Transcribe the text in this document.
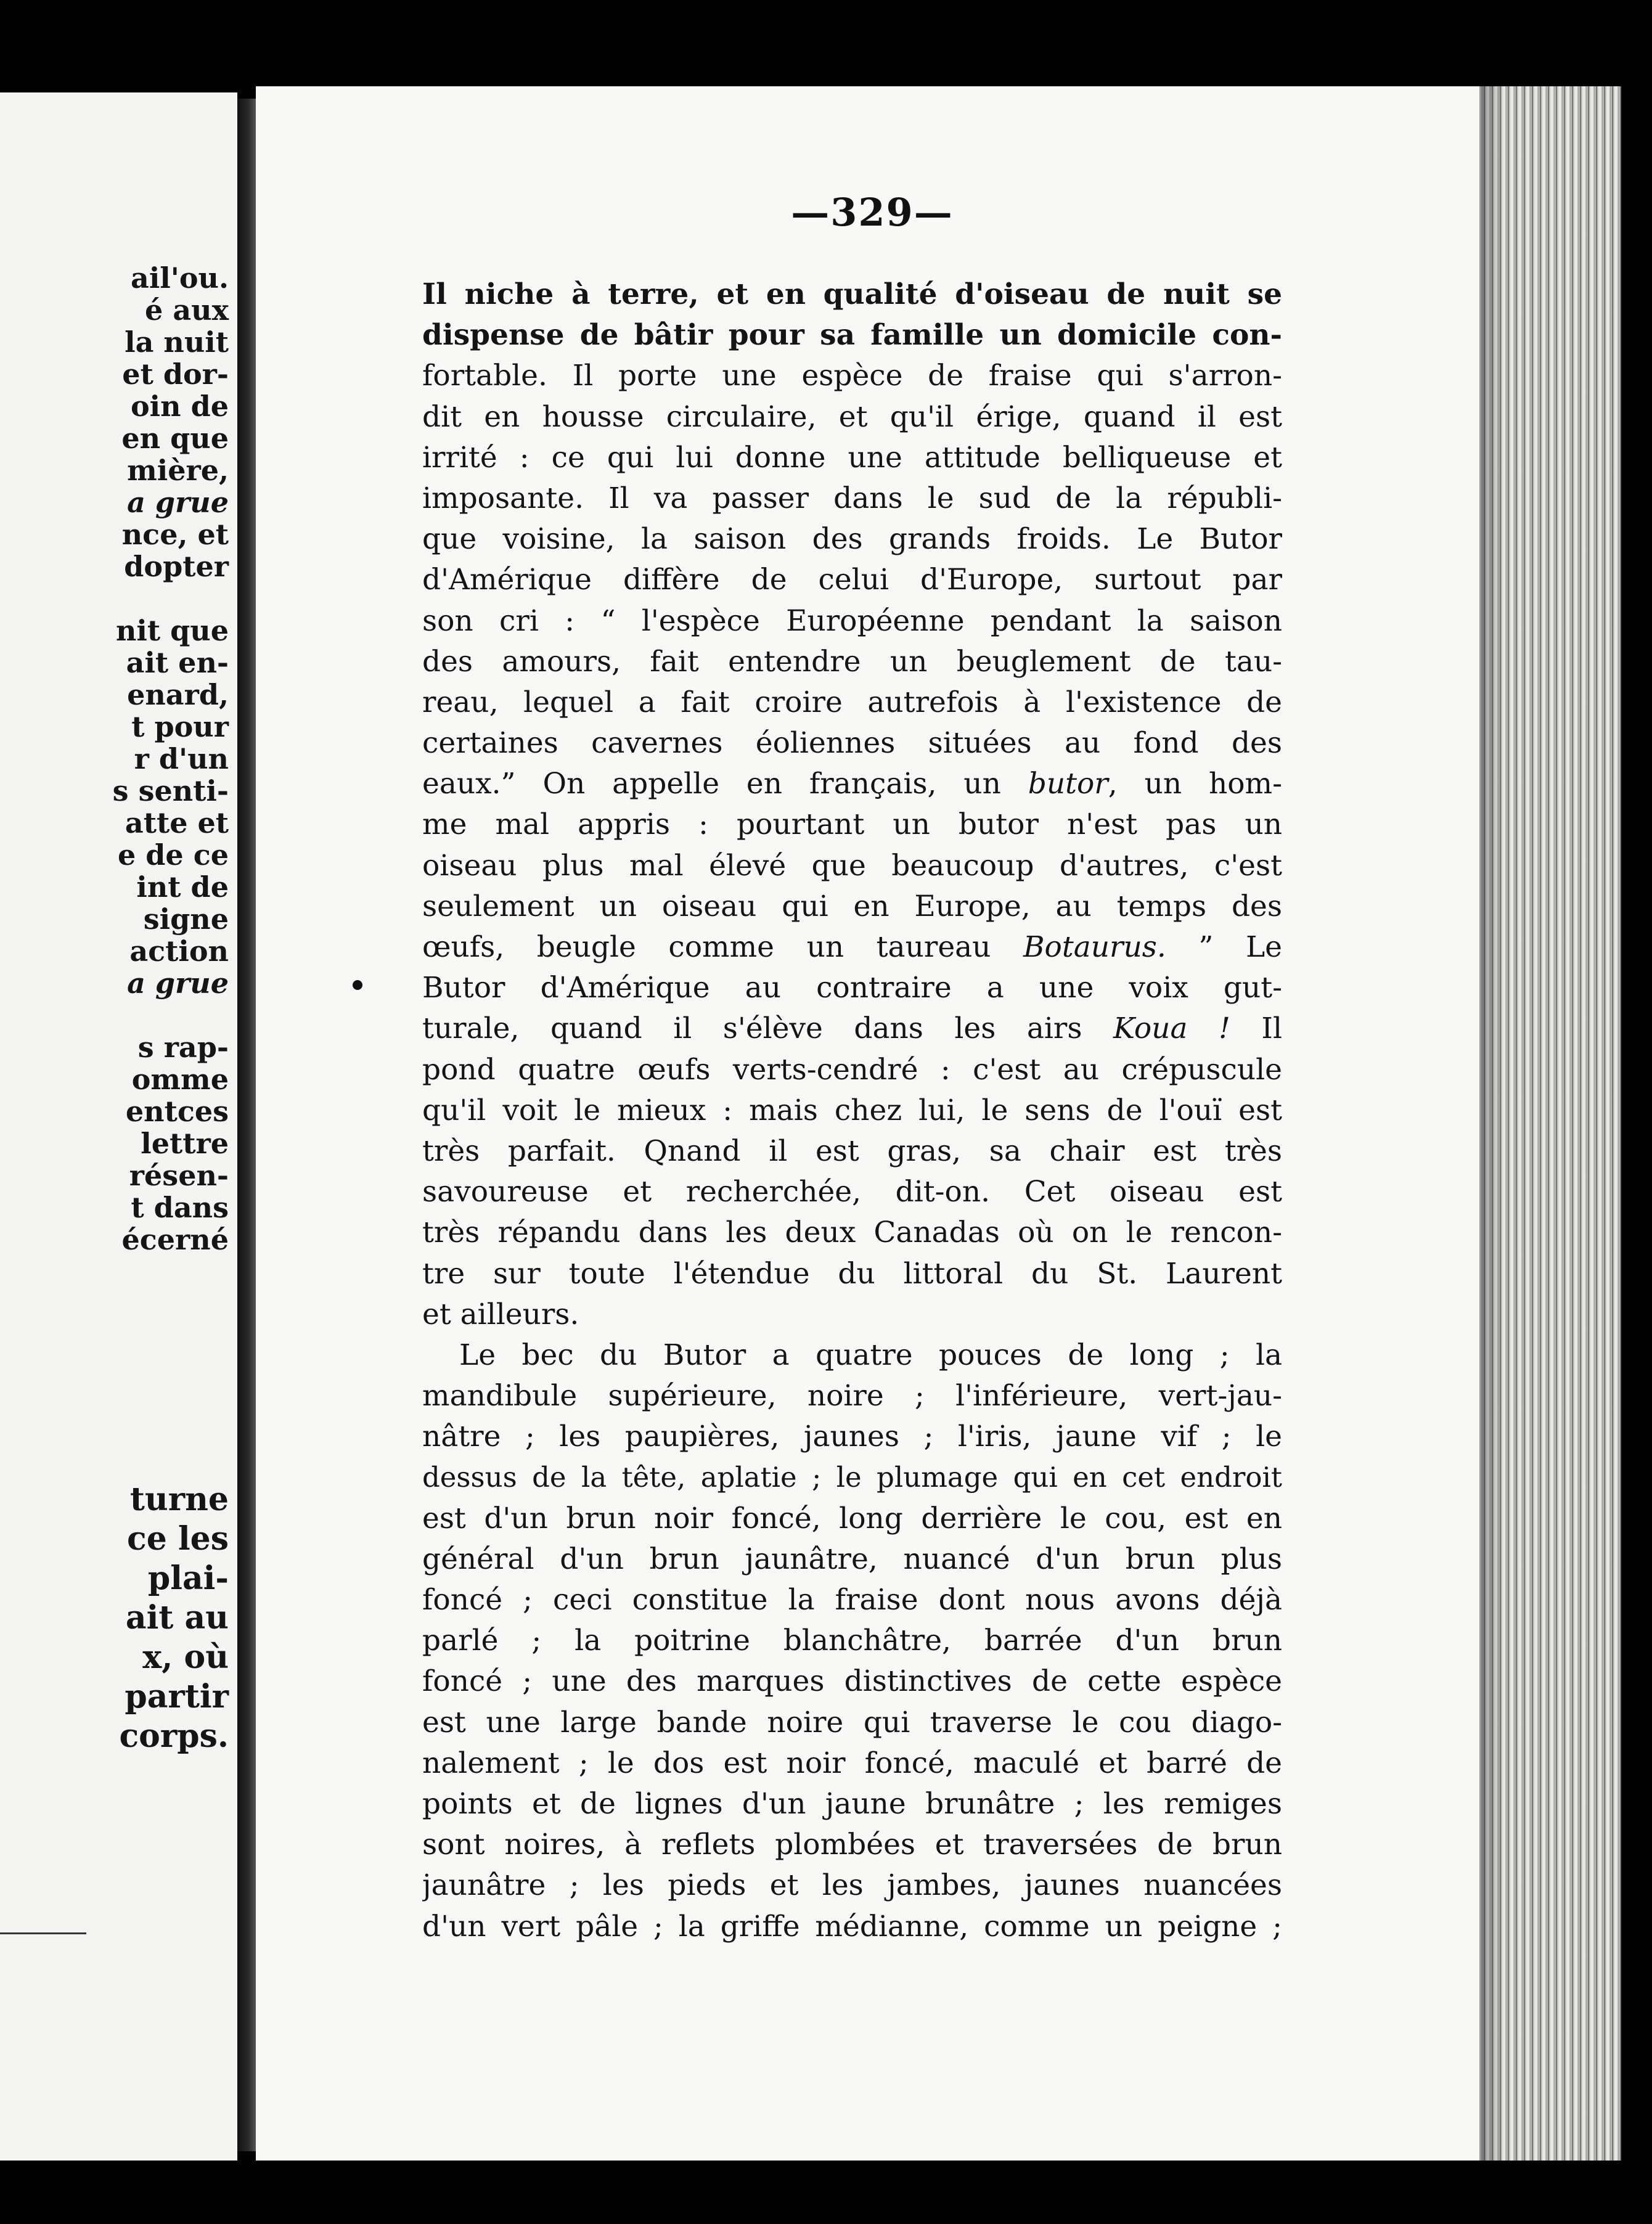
ail'ou.
é aux
la nuit
et dor-
oin de
en que
mière,
a grue
nce, et
dopter
nit que
ait en-
enard,
t pour
r d'un
s senti-
atte et
e de ce
int de
signe
action
a grue
s rap-
omme
entces
lettre
résen-
t dans
écerné
turne
ce les
plai-
ait au
x, où
partir
corps.
—329—
Il niche à terre, et en qualité d'oiseau de nuit se
dispense de bâtir pour sa famille un domicile con-
fortable. Il porte une espèce de fraise qui s'arron-
dit en housse circulaire, et qu'il érige, quand il est
irrité : ce qui lui donne une attitude belliqueuse et
imposante. Il va passer dans le sud de la républi-
que voisine, la saison des grands froids. Le Butor
d'Amérique diffère de celui d'Europe, surtout par
son cri : “ l'espèce Européenne pendant la saison
des amours, fait entendre un beuglement de tau-
reau, lequel a fait croire autrefois à l'existence de
certaines cavernes éoliennes situées au fond des
eaux.” On appelle en français, un butor, un hom-
me mal appris : pourtant un butor n'est pas un
oiseau plus mal élevé que beaucoup d'autres, c'est
seulement un oiseau qui en Europe, au temps des
œufs, beugle comme un taureau Botaurus. ” Le
Butor d'Amérique au contraire a une voix gut-
turale, quand il s'élève dans les airs Koua ! Il
pond quatre œufs verts-cendré : c'est au crépuscule
qu'il voit le mieux : mais chez lui, le sens de l'ouï est
très parfait. Qnand il est gras, sa chair est très
savoureuse et recherchée, dit-on. Cet oiseau est
très répandu dans les deux Canadas où on le rencon-
tre sur toute l'étendue du littoral du St. Laurent
et ailleurs.
Le bec du Butor a quatre pouces de long ; la
mandibule supérieure, noire ; l'inférieure, vert-jau-
nâtre ; les paupières, jaunes ; l'iris, jaune vif ; le
dessus de la tête, aplatie ; le plumage qui en cet endroit
est d'un brun noir foncé, long derrière le cou, est en
général d'un brun jaunâtre, nuancé d'un brun plus
foncé ; ceci constitue la fraise dont nous avons déjà
parlé ; la poitrine blanchâtre, barrée d'un brun
foncé ; une des marques distinctives de cette espèce
est une large bande noire qui traverse le cou diago-
nalement ; le dos est noir foncé, maculé et barré de
points et de lignes d'un jaune brunâtre ; les remiges
sont noires, à reflets plombées et traversées de brun
jaunâtre ; les pieds et les jambes, jaunes nuancées
d'un vert pâle ; la griffe médianne, comme un peigne ;
